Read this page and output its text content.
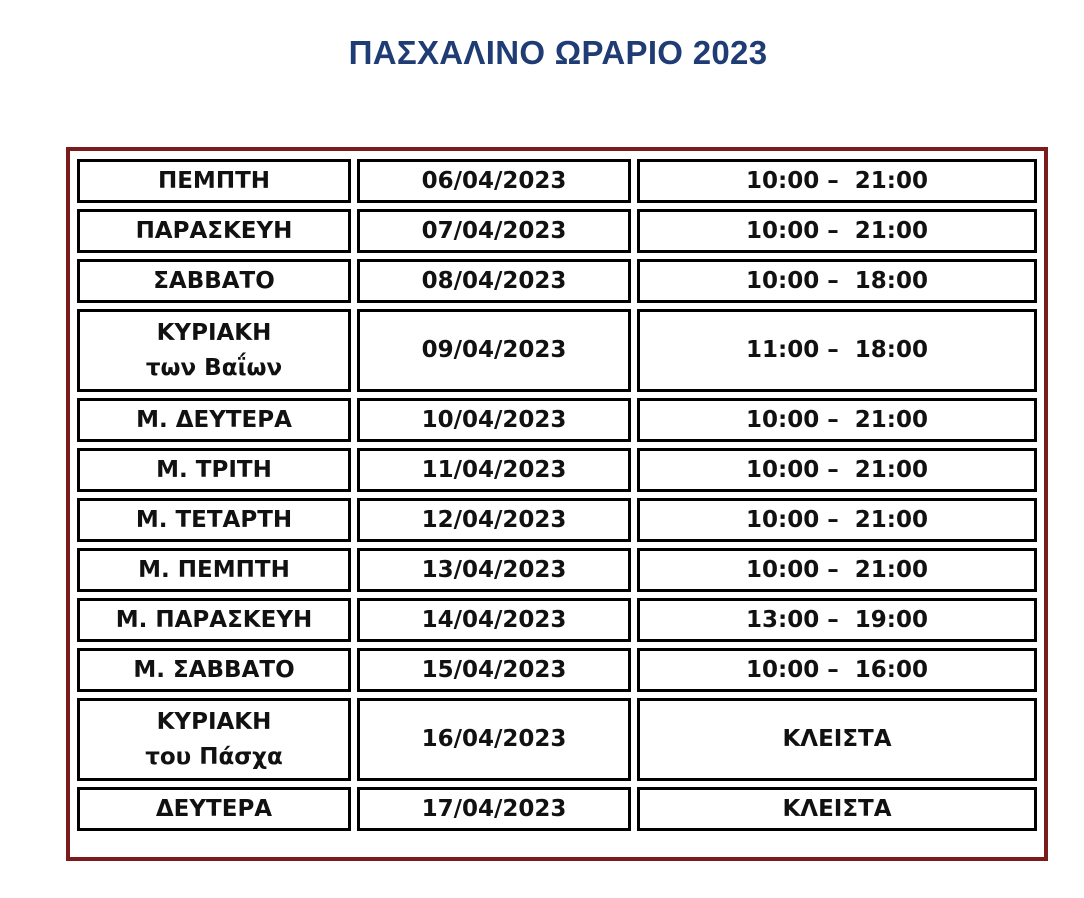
ΠΑΣΧΑΛΙΝΟ ΩΡΑΡΙΟ 2023
ΠΕΜΠΤΗ	06/04/2023	10:00 –  21:00
ΠΑΡΑΣΚΕΥΗ	07/04/2023	10:00 –  21:00
ΣΑΒΒΑΤΟ	08/04/2023	10:00 –  18:00
ΚΥΡΙΑΚΗ
των Βαΐων
09/04/2023	11:00 –  18:00
Μ. ΔΕΥΤΕΡΑ	10/04/2023	10:00 –  21:00
Μ. ΤΡΙΤΗ	11/04/2023	10:00 –  21:00
Μ. ΤΕΤΑΡΤΗ	12/04/2023	10:00 –  21:00
Μ. ΠΕΜΠΤΗ	13/04/2023	10:00 –  21:00
Μ. ΠΑΡΑΣΚΕΥΗ	14/04/2023	13:00 –  19:00
Μ. ΣΑΒΒΑΤΟ	15/04/2023	10:00 –  16:00
ΚΥΡΙΑΚΗ
του Πάσχα
16/04/2023	ΚΛΕΙΣΤΑ
ΔΕΥΤΕΡΑ	17/04/2023	ΚΛΕΙΣΤΑ
